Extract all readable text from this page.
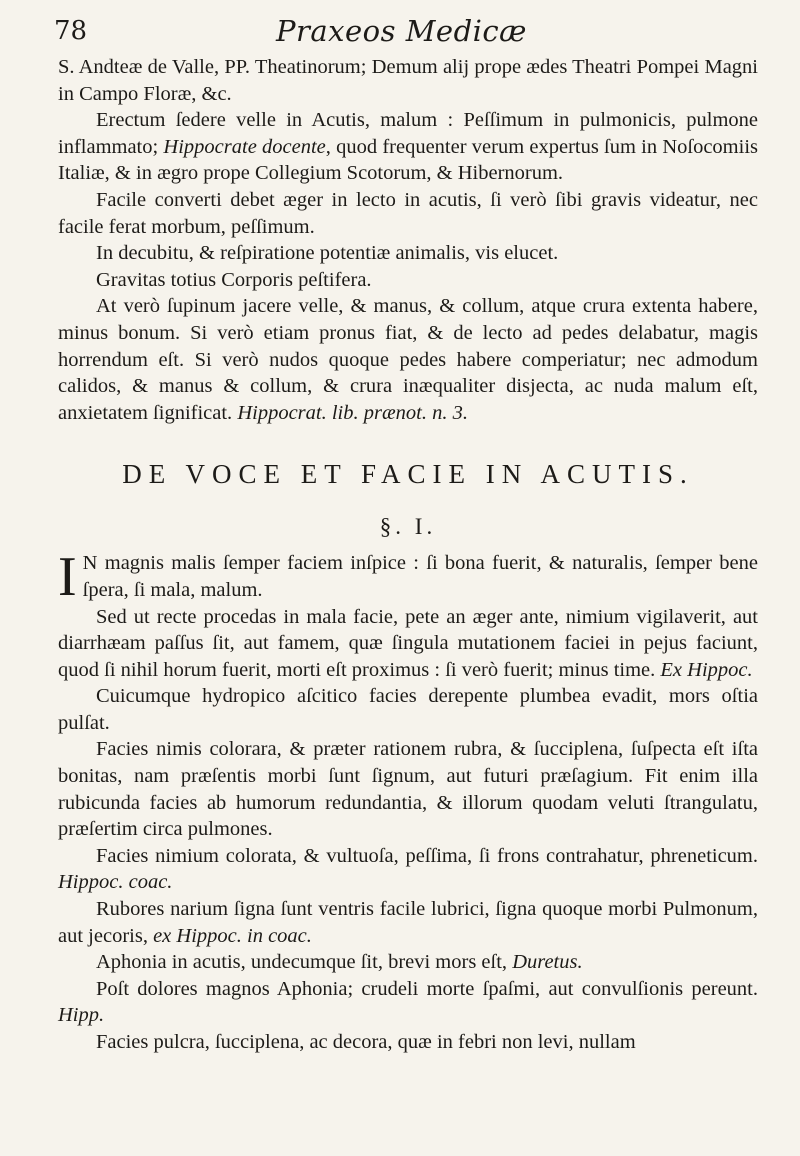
78	Praxeos Medicæ

S. Andteæ de Valle, PP. Theatinorum; Demum alij prope ædes Theatri Pompei Magni in Campo Floræ, &c.

Erectum ſedere velle in Acutis, malum : Peſſimum in pulmonicis, pulmone inflammato; Hippocrate docente, quod frequenter verum expertus ſum in Noſocomiis Italiæ, & in ægro prope Collegium Scotorum, & Hibernorum.

Facile converti debet æger in lecto in acutis, ſi verò ſibi gravis videatur, nec facile ferat morbum, peſſimum.

In decubitu, & reſpiratione potentiæ animalis, vis elucet.

Gravitas totius Corporis peſtifera.

At verò ſupinum jacere velle, & manus, & collum, atque crura extenta habere, minus bonum. Si verò etiam pronus fiat, & de lecto ad pedes delabatur, magis horrendum eſt. Si verò nudos quoque pedes habere comperiatur; nec admodum calidos, & manus & collum, & crura inæqualiter disjecta, ac nuda malum eſt, anxietatem ſignificat. Hippocrat. lib. prænot. n. 3.

DE VOCE ET FACIE IN ACUTIS.
§. I.

I N magnis malis ſemper faciem inſpice : ſi bona fuerit, & naturalis, ſemper bene ſpera, ſi mala, malum.

Sed ut recte procedas in mala facie, pete an æger ante, nimium vigilaverit, aut diarrhæam paſſus ſit, aut famem, quæ ſingula mutationem faciei in pejus faciunt, quod ſi nihil horum fuerit, morti eſt proximus : ſi verò fuerit; minus time. Ex Hippoc.

Cuicumque hydropico aſcitico facies derepente plumbea evadit, mors oſtia pulſat.

Facies nimis colorara, & præter rationem rubra, & ſucciplena, ſuſpecta eſt iſta bonitas, nam præſentis morbi ſunt ſignum, aut futuri præſagium. Fit enim illa rubicunda facies ab humorum redundantia, & illorum quodam veluti ſtrangulatu, præſertim circa pulmones.

Facies nimium colorata, & vultuoſa, peſſima, ſi frons contrahatur, phreneticum. Hippoc. coac.

Rubores narium ſigna ſunt ventris facile lubrici, ſigna quoque morbi Pulmonum, aut jecoris, ex Hippoc. in coac.

Aphonia in acutis, undecumque ſit, brevi mors eſt, Duretus.

Poſt dolores magnos Aphonia; crudeli morte ſpaſmi, aut convulſionis pereunt. Hipp.

Facies pulcra, ſucciplena, ac decora, quæ in febri non levi, nullam
